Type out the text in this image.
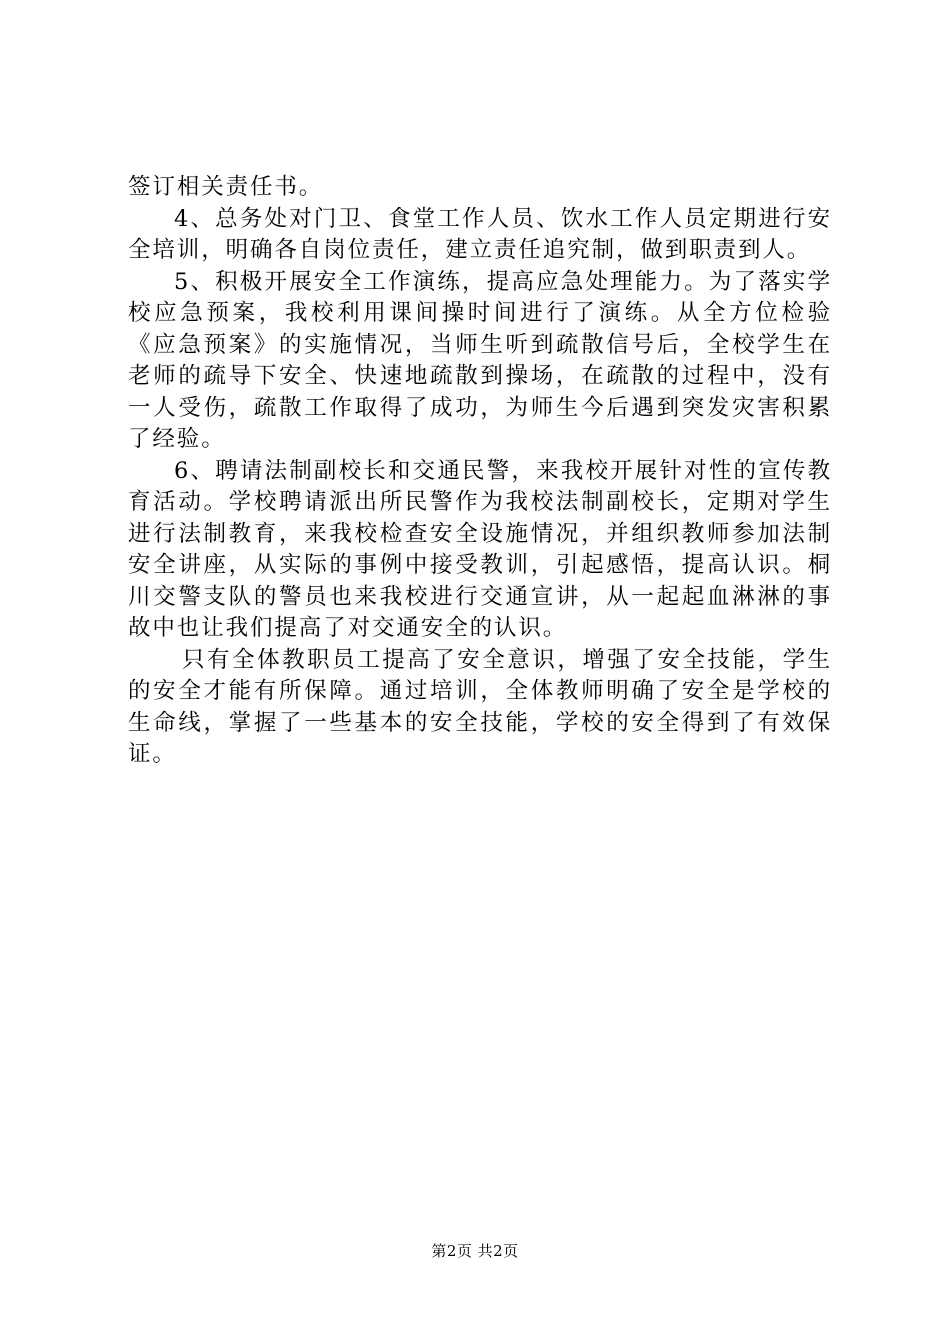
签订相关责任书。

4、总务处对门卫、食堂工作人员、饮水工作人员定期进行安全培训，明确各自岗位责任，建立责任追究制，做到职责到人。

5、积极开展安全工作演练，提高应急处理能力。为了落实学校应急预案，我校利用课间操时间进行了演练。从全方位检验《应急预案》的实施情况，当师生听到疏散信号后，全校学生在老师的疏导下安全、快速地疏散到操场，在疏散的过程中，没有一人受伤，疏散工作取得了成功，为师生今后遇到突发灾害积累了经验。

6、聘请法制副校长和交通民警，来我校开展针对性的宣传教育活动。学校聘请派出所民警作为我校法制副校长，定期对学生进行法制教育，来我校检查安全设施情况，并组织教师参加法制安全讲座，从实际的事例中接受教训，引起感悟，提高认识。桐川交警支队的警员也来我校进行交通宣讲，从一起起血淋淋的事故中也让我们提高了对交通安全的认识。

只有全体教职员工提高了安全意识，增强了安全技能，学生的安全才能有所保障。通过培训，全体教师明确了安全是学校的生命线，掌握了一些基本的安全技能，学校的安全得到了有效保证。

第2页 共2页
